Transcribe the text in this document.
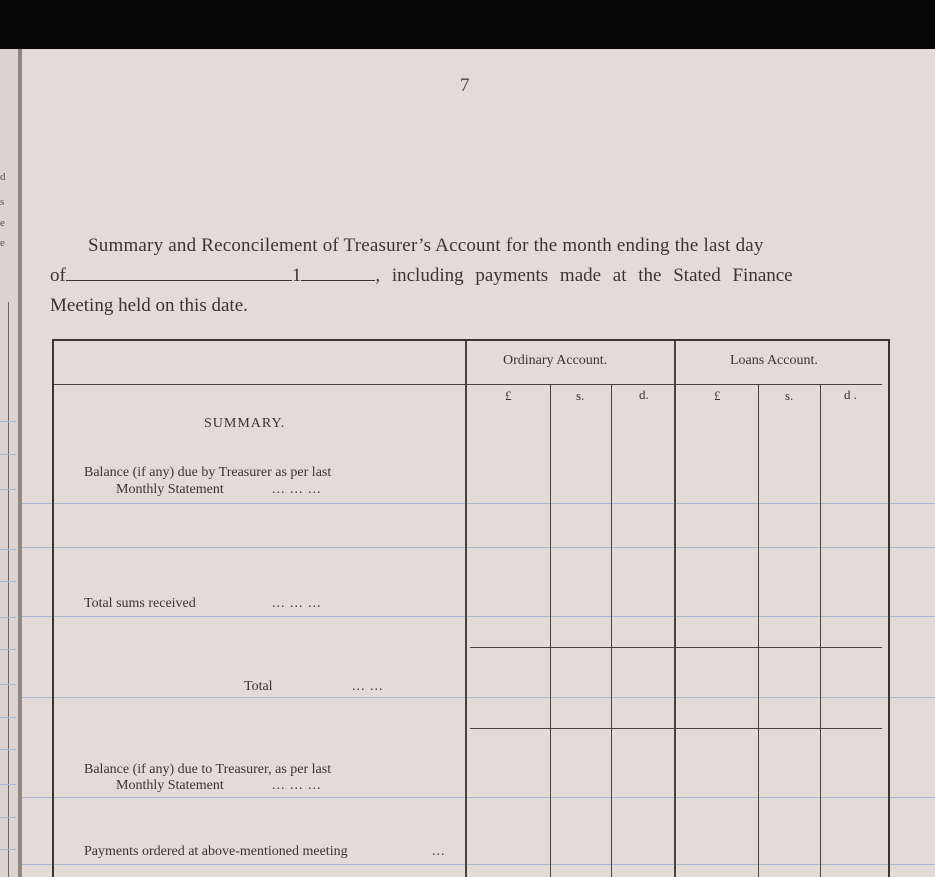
d
s
e
e
7
Summary and Reconcilement of Treasurer’s Account for the month ending the last day
of	1	, including payments made at the Stated Finance
Meeting held on this date.
Ordinary Account.	Loans Account.
£	s.	d.	£	s.	d .
SUMMARY.
Balance (if any) due by Treasurer as per last
Monthly Statement	... ... ...
Total sums received	... ... ...
Total	... ...
Balance (if any) due to Treasurer, as per last
Monthly Statement	... ... ...
Payments ordered at above-mentioned meeting	...
